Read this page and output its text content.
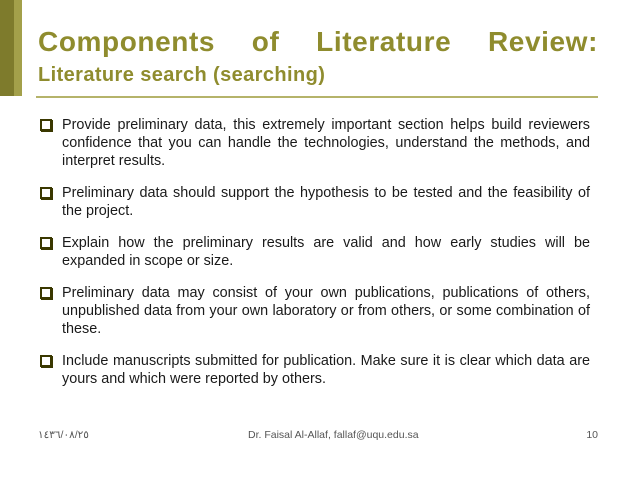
Components of Literature Review:
Literature search (searching)
Provide preliminary data, this extremely important section helps build reviewers confidence that you can handle the technologies, understand the methods, and interpret results.
Preliminary data should support the hypothesis to be tested and the feasibility of the project.
Explain how the preliminary results are valid and how early studies will be expanded in scope or size.
Preliminary data may consist of your own publications, publications of others, unpublished data from your own laboratory or from others, or some combination of these.
Include manuscripts submitted for publication. Make sure it is clear which data are yours and which were reported by others.
١٤٣٦/٠٨/٢٥	Dr. Faisal Al-Allaf, fallaf@uqu.edu.sa	10
